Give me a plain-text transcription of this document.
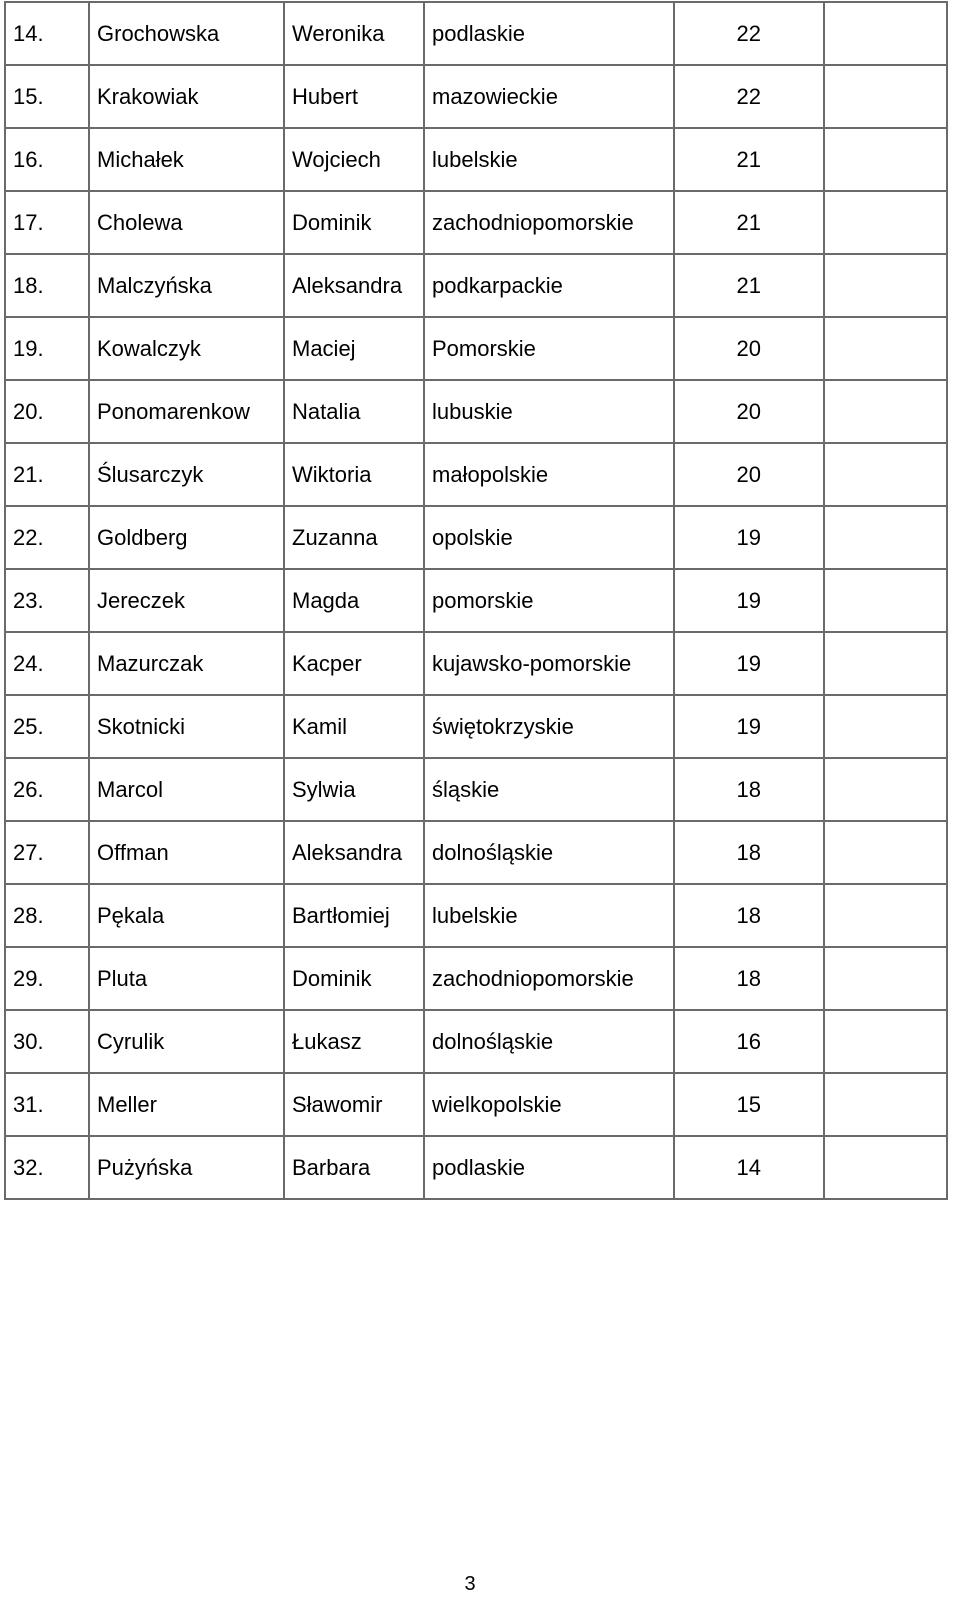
14.	Grochowska	Weronika	podlaskie	22	
15.	Krakowiak	Hubert	mazowieckie	22	
16.	Michałek	Wojciech	lubelskie	21	
17.	Cholewa	Dominik	zachodniopomorskie	21	
18.	Malczyńska	Aleksandra	podkarpackie	21	
19.	Kowalczyk	Maciej	Pomorskie	20	
20.	Ponomarenkow	Natalia	lubuskie	20	
21.	Ślusarczyk	Wiktoria	małopolskie	20	
22.	Goldberg	Zuzanna	opolskie	19	
23.	Jereczek	Magda	pomorskie	19	
24.	Mazurczak	Kacper	kujawsko-pomorskie	19	
25.	Skotnicki	Kamil	świętokrzyskie	19	
26.	Marcol	Sylwia	śląskie	18	
27.	Offman	Aleksandra	dolnośląskie	18	
28.	Pękala	Bartłomiej	lubelskie	18	
29.	Pluta	Dominik	zachodniopomorskie	18	
30.	Cyrulik	Łukasz	dolnośląskie	16	
31.	Meller	Sławomir	wielkopolskie	15	
32.	Pużyńska	Barbara	podlaskie	14	
3
